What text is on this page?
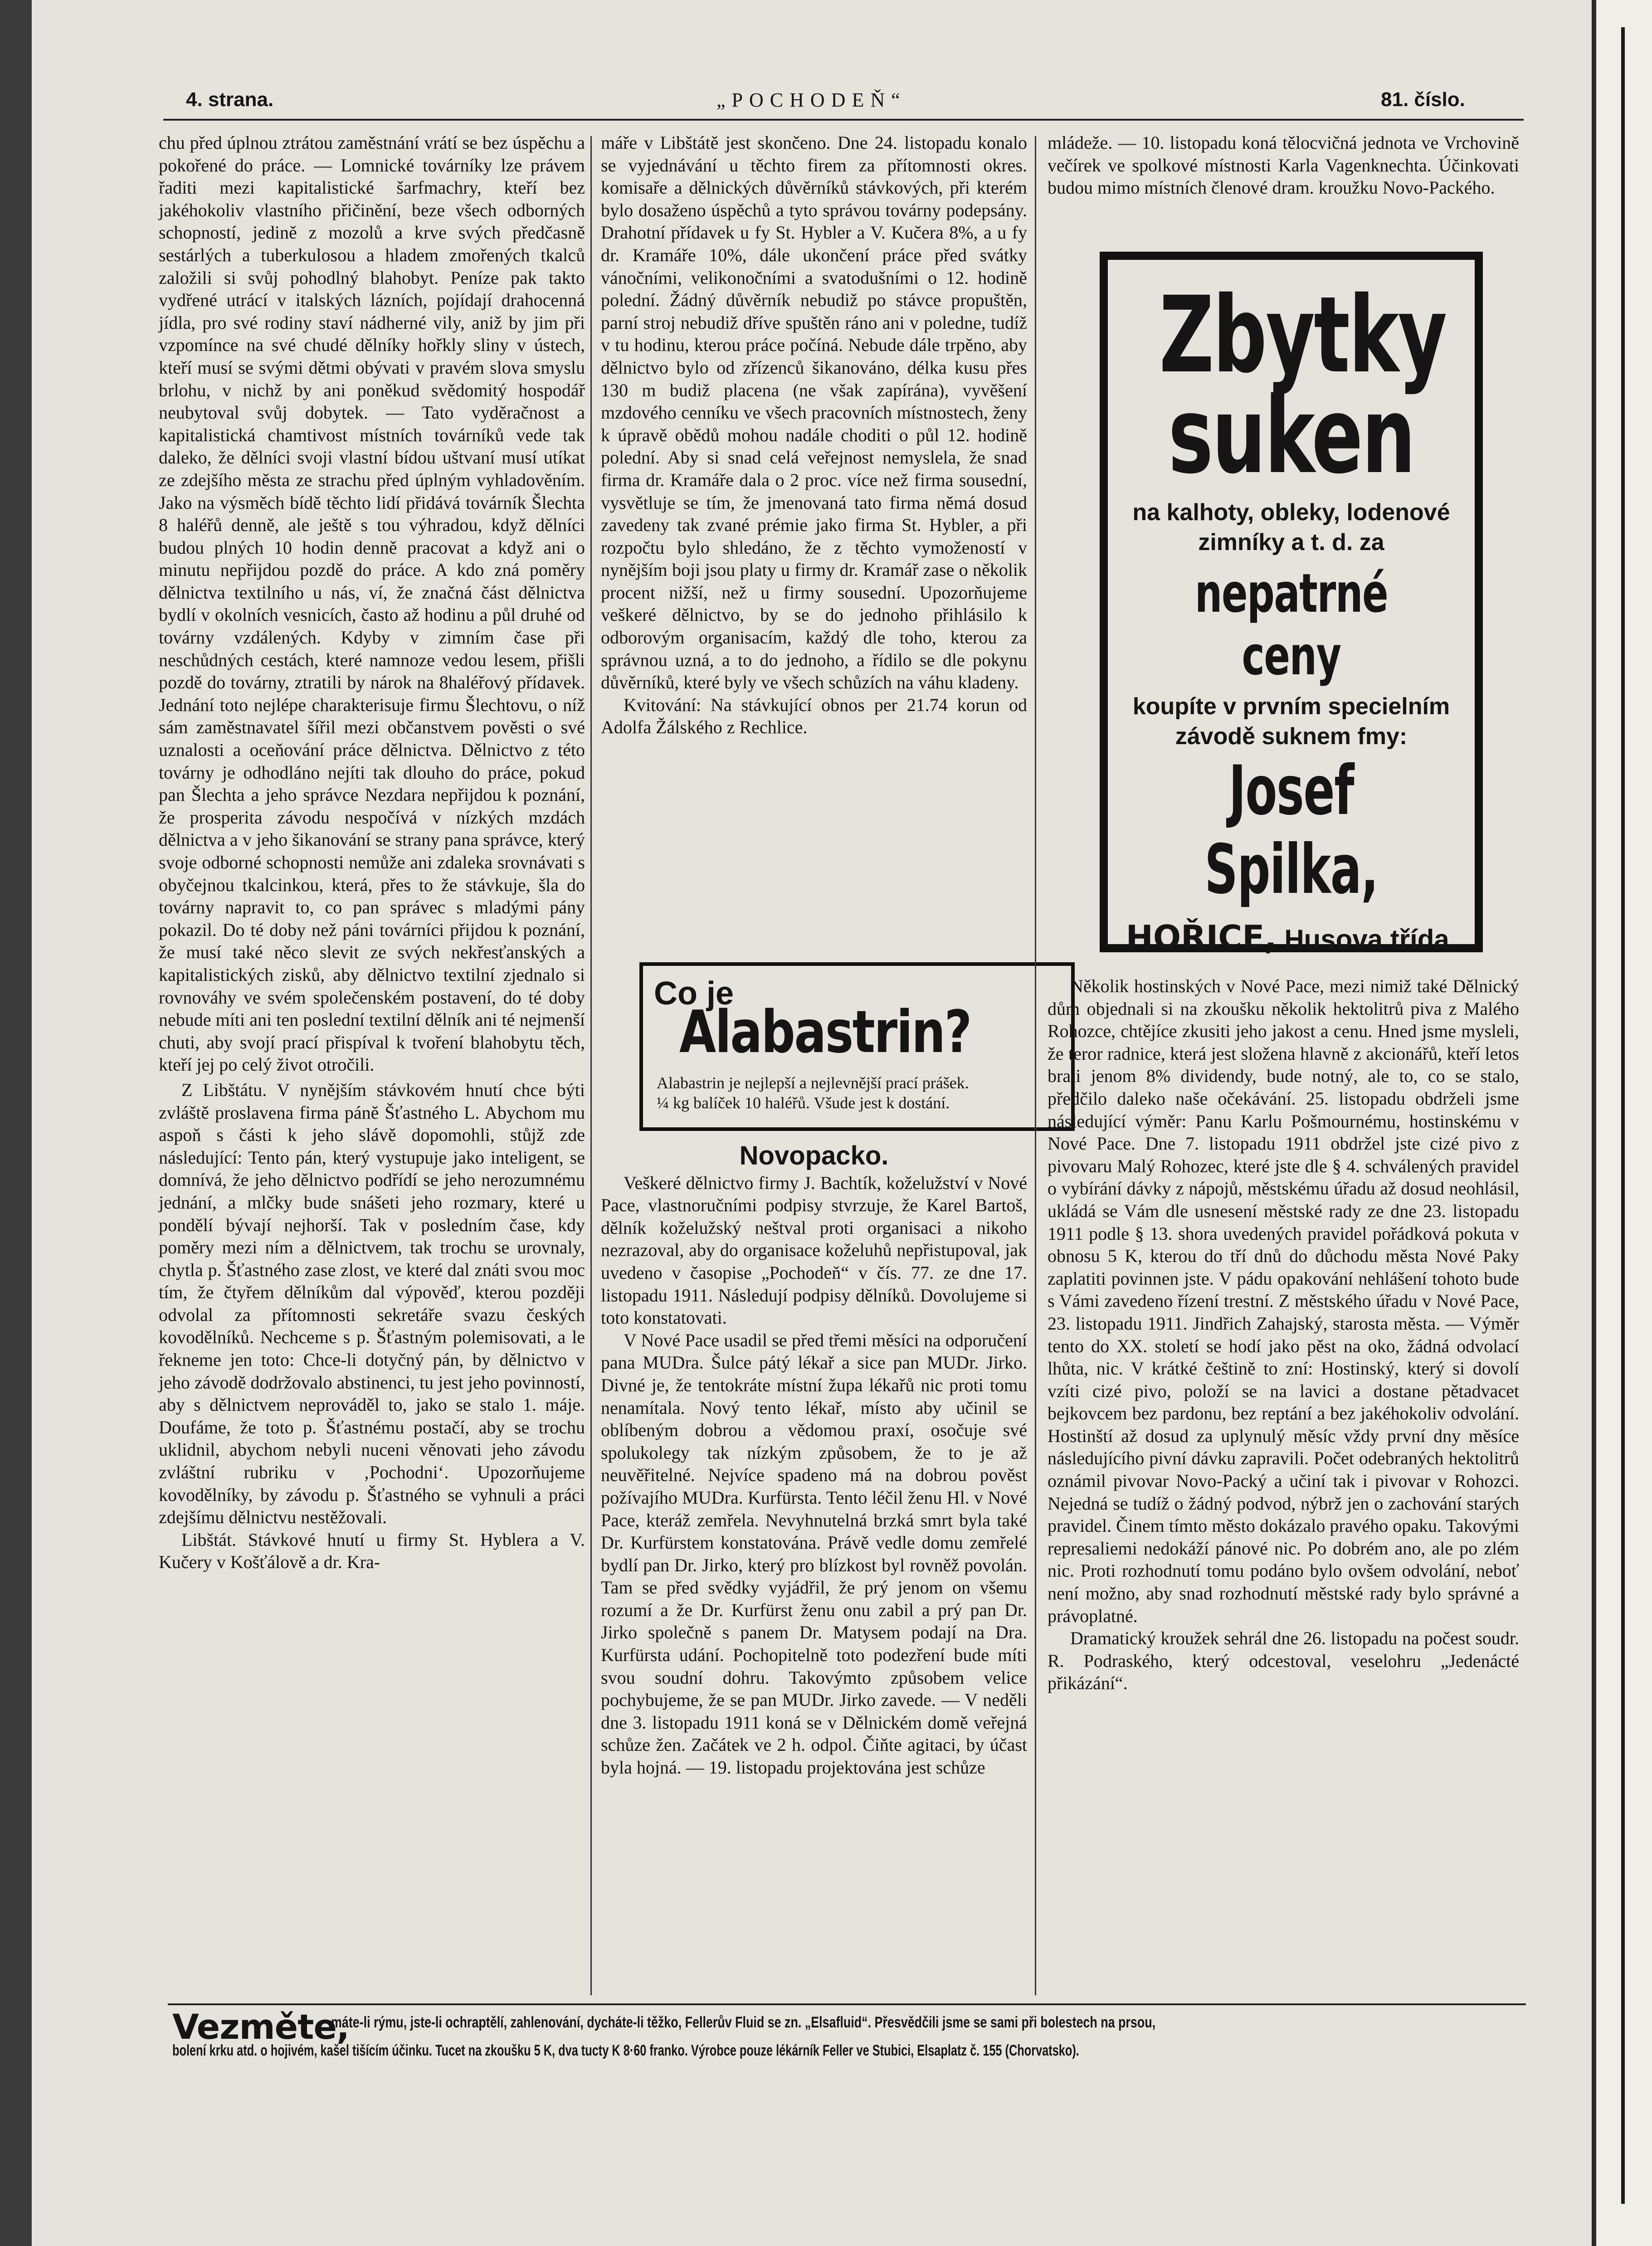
4. strana.	„POCHODEŇ“	81. číslo.

chu před úplnou ztrátou zaměstnání vrátí se bez úspěchu a pokořené do práce. — Lomnické továrníky lze právem řaditi mezi kapitalistické šarfmachry, kteří bez jakéhokoliv vlastního přičinění, beze všech odborných schopností, jedině z mozolů a krve svých předčasně sestárlých a tuberkulosou a hladem zmořených tkalců založili si svůj pohodlný blahobyt. Peníze pak takto vydřené utrácí v italských lázních, pojídají drahocenná jídla, pro své rodiny staví nádherné vily, aniž by jim při vzpomínce na své chudé dělníky hořkly sliny v ústech, kteří musí se svými dětmi obývati v pravém slova smyslu brlohu, v nichž by ani poněkud svědomitý hospodář neubytoval svůj dobytek. — Tato vyděračnost a kapitalistická chamtivost místních továrníků vede tak daleko, že dělníci svoji vlastní bídou uštvaní musí utíkat ze zdejšího města ze strachu před úplným vyhladověním. Jako na výsměch bídě těchto lidí přidává továrník Šlechta 8 haléřů denně, ale ještě s tou výhradou, když dělníci budou plných 10 hodin denně pracovat a když ani o minutu nepřijdou pozdě do práce. A kdo zná poměry dělnictva textilního u nás, ví, že značná část dělnictva bydlí v okolních vesnicích, často až hodinu a půl druhé od továrny vzdálených. Kdyby v zimním čase při neschůdných cestách, které namnoze vedou lesem, přišli pozdě do továrny, ztratili by nárok na 8haléřový přídavek. Jednání toto nejlépe charakterisuje firmu Šlechtovu, o níž sám zaměstnavatel šířil mezi občanstvem pověsti o své uznalosti a oceňování práce dělnictva. Dělnictvo z této továrny je odhodláno nejíti tak dlouho do práce, pokud pan Šlechta a jeho správce Nezdara nepřijdou k poznání, že prosperita závodu nespočívá v nízkých mzdách dělnictva a v jeho šikanování se strany pana správce, který svoje odborné schopnosti nemůže ani zdaleka srovnávati s obyčejnou tkalcinkou, která, přes to že stávkuje, šla do továrny napravit to, co pan správec s mladými pány pokazil. Do té doby než páni továrníci přijdou k poznání, že musí také něco slevit ze svých nekřesťanských a kapitalistických zisků, aby dělnictvo textilní zjednalo si rovnováhy ve svém společenském postavení, do té doby nebude míti ani ten poslední textilní dělník ani té nejmenší chuti, aby svojí prací přispíval k tvoření blahobytu těch, kteří jej po celý život otročili.

Z Libštátu. V nynějším stávkovém hnutí chce býti zvláště proslavena firma páně Šťastného L. Abychom mu aspoň s části k jeho slávě dopomohli, stůjž zde následující: Tento pán, který vystupuje jako inteligent, se domnívá, že jeho dělnictvo podřídí se jeho nerozumnému jednání, a mlčky bude snášeti jeho rozmary, které u pondělí bývají nejhorší. Tak v posledním čase, kdy poměry mezi ním a dělnictvem, tak trochu se urovnaly, chytla p. Šťastného zase zlost, ve které dal znáti svou moc tím, že čtyřem dělníkům dal výpověď, kterou později odvolal za přítomnosti sekretáře svazu českých kovodělníků. Nechceme s p. Šťastným polemisovati, a le řekneme jen toto: Chce-li dotyčný pán, by dělnictvo v jeho závodě dodržovalo abstinenci, tu jest jeho povinností, aby s dělnictvem neprováděl to, jako se stalo 1. máje. Doufáme, že toto p. Šťastnému postačí, aby se trochu uklidnil, abychom nebyli nuceni věnovati jeho závodu zvláštní rubriku v ‚Pochodni‘. Upozorňujeme kovodělníky, by závodu p. Šťastného se vyhnuli a práci zdejšímu dělnictvu nestěžovali.

Libštát. Stávkové hnutí u firmy St. Hyblera a V. Kučery v Košťálově a dr. Kra-

máře v Libštátě jest skončeno. Dne 24. listopadu konalo se vyjednávání u těchto firem za přítomnosti okres. komisaře a dělnických důvěrníků stávkových, při kterém bylo dosaženo úspěchů a tyto správou továrny podepsány. Drahotní přídavek u fy St. Hybler a V. Kučera 8%, a u fy dr. Kramáře 10%, dále ukončení práce před svátky vánočními, velikonočními a svatodušními o 12. hodině polední. Žádný důvěrník nebudiž po stávce propuštěn, parní stroj nebudiž dříve spuštěn ráno ani v poledne, tudíž v tu hodinu, kterou práce počíná. Nebude dále trpěno, aby dělnictvo bylo od zřízenců šikanováno, délka kusu přes 130 m budiž placena (ne však zapírána), vyvěšení mzdového cenníku ve všech pracovních místnostech, ženy k úpravě obědů mohou nadále choditi o půl 12. hodině polední. Aby si snad celá veřejnost nemyslela, že snad firma dr. Kramáře dala o 2 proc. více než firma sousední, vysvětluje se tím, že jmenovaná tato firma němá dosud zavedeny tak zvané prémie jako firma St. Hybler, a při rozpočtu bylo shledáno, že z těchto vymožeností v nynějším boji jsou platy u firmy dr. Kramář zase o několik procent nižší, než u firmy sousední. Upozorňujeme veškeré dělnictvo, by se do jednoho přihlásilo k odborovým organisacím, každý dle toho, kterou za správnou uzná, a to do jednoho, a řídilo se dle pokynu důvěrníků, které byly ve všech schůzích na váhu kladeny.

Kvitování: Na stávkující obnos per 21.74 korun od Adolfa Žálského z Rechlice.

Co je
Alabastrin?
Alabastrin je nejlepší a nejlevnější prací prášek.
¼ kg balíček 10 haléřů. Všude jest k dostání.
Novopacko.

Veškeré dělnictvo firmy J. Bachtík, koželužství v Nové Pace, vlastnoručními podpisy stvrzuje, že Karel Bartoš, dělník koželužský neštval proti organisaci a nikoho nezrazoval, aby do organisace koželuhů nepřistupoval, jak uvedeno v časopise „Pochodeň“ v čís. 77. ze dne 17. listopadu 1911. Následují podpisy dělníků. Dovolujeme si toto konstatovati.

V Nové Pace usadil se před třemi měsíci na odporučení pana MUDra. Šulce pátý lékař a sice pan MUDr. Jirko. Divné je, že tentokráte místní župa lékařů nic proti tomu nenamítala. Nový tento lékař, místo aby učinil se oblíbeným dobrou a vědomou praxí, osočuje své spolukolegy tak nízkým způsobem, že to je až neuvěřitelné. Nejvíce spadeno má na dobrou pověst požívajího MUDra. Kurfürsta. Tento léčil ženu Hl. v Nové Pace, kteráž zemřela. Nevyhnutelná brzká smrt byla také Dr. Kurfürstem konstatována. Právě vedle domu zemřelé bydlí pan Dr. Jirko, který pro blízkost byl rovněž povolán. Tam se před svědky vyjádřil, že prý jenom on všemu rozumí a že Dr. Kurfürst ženu onu zabil a prý pan Dr. Jirko společně s panem Dr. Matysem podají na Dra. Kurfürsta udání. Pochopitelně toto podezření bude míti svou soudní dohru. Takovýmto způsobem velice pochybujeme, že se pan MUDr. Jirko zavede. — V neděli dne 3. listopadu 1911 koná se v Dělnickém domě veřejná schůze žen. Začátek ve 2 h. odpol. Čiňte agitaci, by účast byla hojná. — 19. listopadu projektována jest schůze

mládeže. — 10. listopadu koná tělocvičná jednota ve Vrchovině večírek ve spolkové místnosti Karla Vagenknechta. Účinkovati budou mimo místních členové dram. kroužku Novo-Packého.

Zbytky
suken
na kalhoty, obleky, lodenové zimníky a t. d. za
nepatrné ceny
koupíte v prvním specielním závodě suknem fmy:
Josef Spilka,
HOŘICE, Husova třída.

Několik hostinských v Nové Pace, mezi nimiž také Dělnický dům objednali si na zkoušku několik hektolitrů piva z Malého Rohozce, chtějíce zkusiti jeho jakost a cenu. Hned jsme mysleli, že teror radnice, která jest složena hlavně z akcionářů, kteří letos brali jenom 8% dividendy, bude notný, ale to, co se stalo, předčilo daleko naše očekávání. 25. listopadu obdrželi jsme následující výměr: Panu Karlu Pošmournému, hostinskému v Nové Pace. Dne 7. listopadu 1911 obdržel jste cizé pivo z pivovaru Malý Rohozec, které jste dle § 4. schválených pravidel o vybírání dávky z nápojů, městskému úřadu až dosud neohlásil, ukládá se Vám dle usnesení městské rady ze dne 23. listopadu 1911 podle § 13. shora uvedených pravidel pořádková pokuta v obnosu 5 K, kterou do tří dnů do důchodu města Nové Paky zaplatiti povinnen jste. V pádu opakování nehlášení tohoto bude s Vámi zavedeno řízení trestní. Z městského úřadu v Nové Pace, 23. listopadu 1911. Jindřich Zahajský, starosta města. — Výměr tento do XX. století se hodí jako pěst na oko, žádná odvolací lhůta, nic. V krátké češtině to zní: Hostinský, který si dovolí vzíti cizé pivo, položí se na lavici a dostane pětadvacet bejkovcem bez pardonu, bez reptání a bez jakéhokoliv odvolání. Hostinští až dosud za uplynulý měsíc vždy první dny měsíce následujícího pivní dávku zapravili. Počet odebraných hektolitrů oznámil pivovar Novo-Packý a učiní tak i pivovar v Rohozci. Nejedná se tudíž o žádný podvod, nýbrž jen o zachování starých pravidel. Činem tímto město dokázalo pravého opaku. Takovými represaliemi nedokáží pánové nic. Po dobrém ano, ale po zlém nic. Proti rozhodnutí tomu podáno bylo ovšem odvolání, neboť není možno, aby snad rozhodnutí městské rady bylo správné a právoplatné.

Dramatický kroužek sehrál dne 26. listopadu na počest soudr. R. Podraského, který odcestoval, veselohru „Jedenácté přikázání“.

Vezměte,
máte-li rýmu, jste-li ochraptělí, zahlenování, dycháte-li těžko, Fellerův Fluid se zn. „Elsafluid“. Přesvědčili jsme se sami při bolestech na prsou,
bolení krku atd. o hojivém, kašel tišícím účinku. Tucet na zkoušku 5 K, dva tucty K 8·60 franko. Výrobce pouze lékárník Feller ve Stubici, Elsaplatz č. 155 (Chorvatsko).
